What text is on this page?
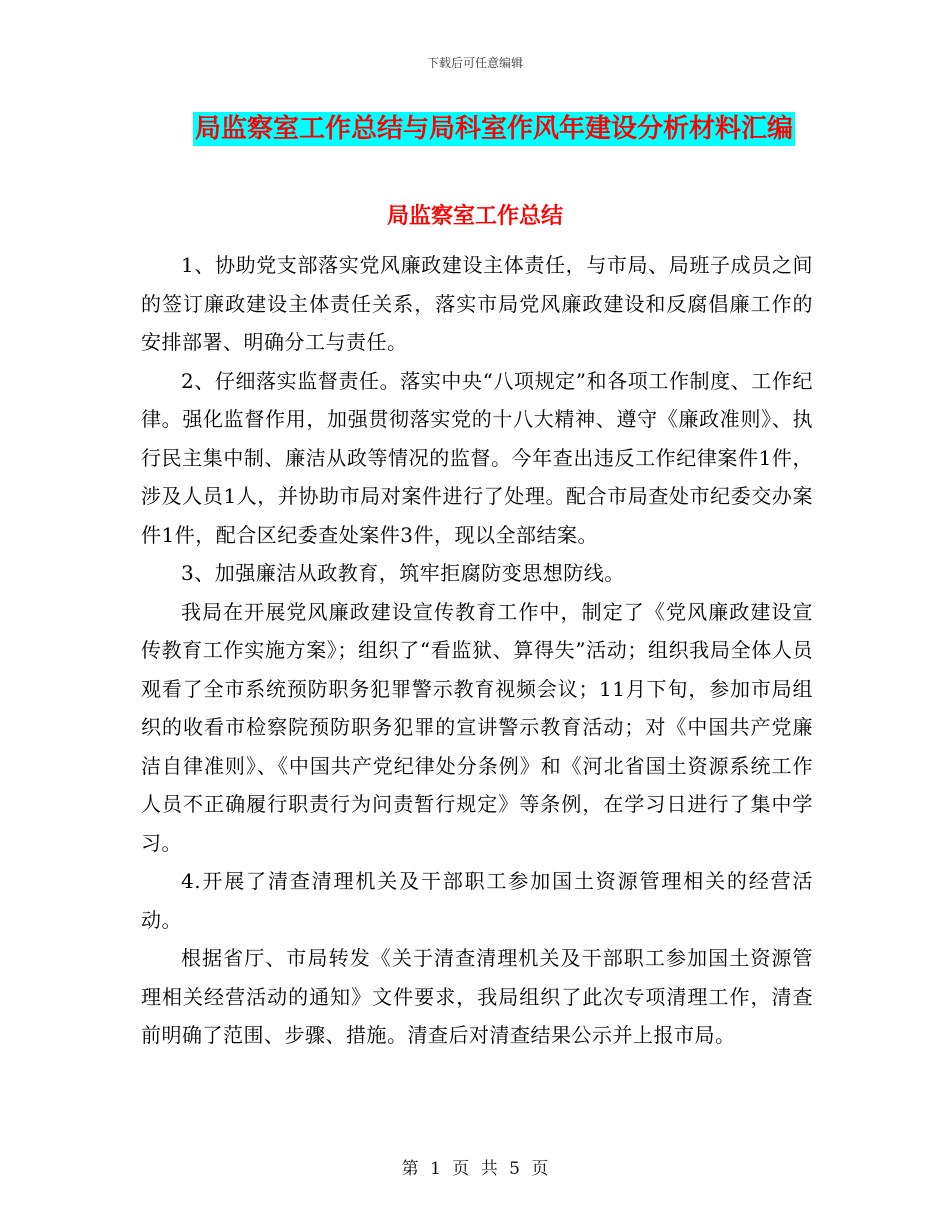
下载后可任意编辑
局监察室工作总结与局科室作风年建设分析材料汇编
局监察室工作总结

1、协助党支部落实党风廉政建设主体责任，与市局、局班子成员之间的签订廉政建设主体责任关系，落实市局党风廉政建设和反腐倡廉工作的安排部署、明确分工与责任。

2、仔细落实监督责任。落实中央“八项规定”和各项工作制度、工作纪律。强化监督作用，加强贯彻落实党的十八大精神、遵守《廉政准则》、执行民主集中制、廉洁从政等情况的监督。今年查出违反工作纪律案件1件，涉及人员1人，并协助市局对案件进行了处理。配合市局查处市纪委交办案件1件，配合区纪委查处案件3件，现以全部结案。

3、加强廉洁从政教育，筑牢拒腐防变思想防线。

我局在开展党风廉政建设宣传教育工作中，制定了《党风廉政建设宣传教育工作实施方案》；组织了“看监狱、算得失”活动；组织我局全体人员观看了全市系统预防职务犯罪警示教育视频会议；11月下旬，参加市局组织的收看市检察院预防职务犯罪的宣讲警示教育活动；对《中国共产党廉洁自律准则》、《中国共产党纪律处分条例》和《河北省国土资源系统工作人员不正确履行职责行为问责暂行规定》等条例，在学习日进行了集中学习。

4.开展了清查清理机关及干部职工参加国土资源管理相关的经营活动。

根据省厅、市局转发《关于清查清理机关及干部职工参加国土资源管理相关经营活动的通知》文件要求，我局组织了此次专项清理工作，清查前明确了范围、步骤、措施。清查后对清查结果公示并上报市局。

第 1 页 共 5 页
